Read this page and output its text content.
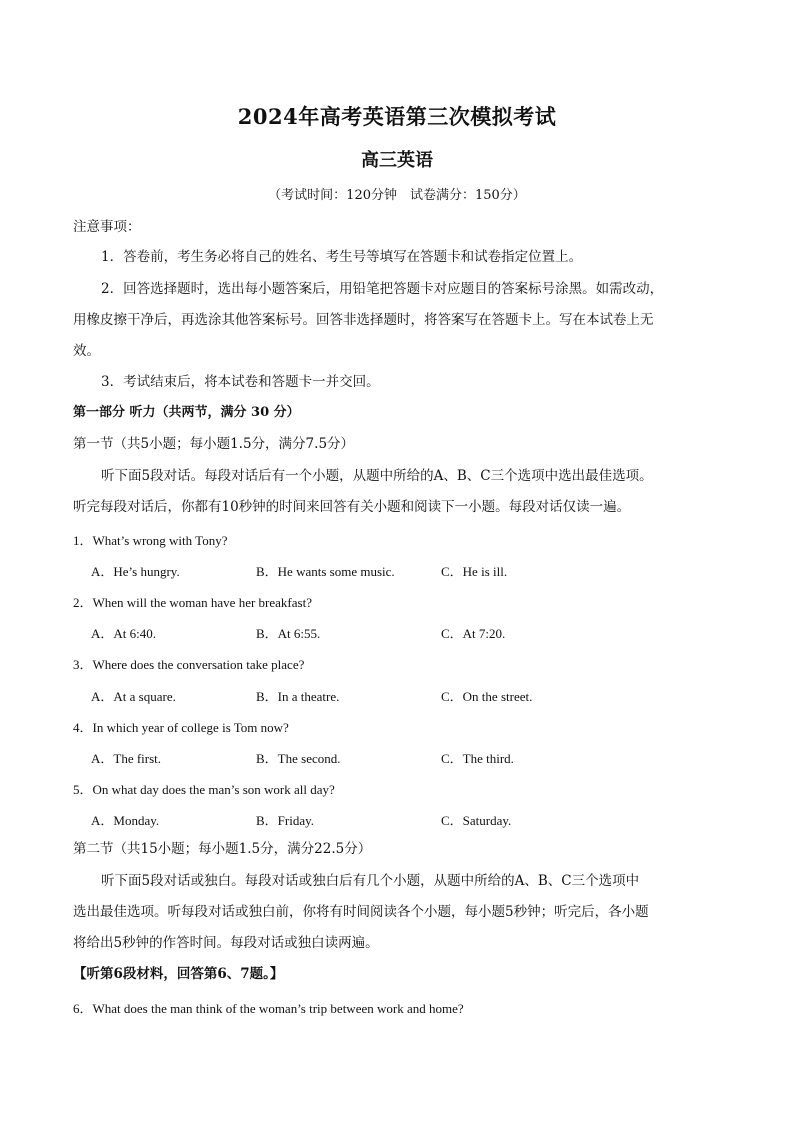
2024年高考英语第三次模拟考试
高三英语
（考试时间：120分钟　试卷满分：150分）
注意事项：
1．答卷前，考生务必将自己的姓名、考生号等填写在答题卡和试卷指定位置上。
2．回答选择题时，选出每小题答案后，用铅笔把答题卡对应题目的答案标号涂黑。如需改动，
用橡皮擦干净后，再选涂其他答案标号。回答非选择题时，将答案写在答题卡上。写在本试卷上无
效。
3．考试结束后，将本试卷和答题卡一并交回。
第一部分 听力（共两节，满分 30 分）
第一节（共5小题；每小题1.5分，满分7.5分）
听下面5段对话。每段对话后有一个小题，从题中所给的A、B、C三个选项中选出最佳选项。
听完每段对话后，你都有10秒钟的时间来回答有关小题和阅读下一小题。每段对话仅读一遍。
1．What’s wrong with Tony?
A．He’s hungry.	B．He wants some music.	C．He is ill.
2．When will the woman have her breakfast?
A．At 6:40.	B．At 6:55.	C．At 7:20.
3．Where does the conversation take place?
A．At a square.	B．In a theatre.	C．On the street.
4．In which year of college is Tom now?
A．The first.	B．The second.	C．The third.
5．On what day does the man’s son work all day?
A．Monday.	B．Friday.	C．Saturday.
第二节（共15小题；每小题1.5分，满分22.5分）
听下面5段对话或独白。每段对话或独白后有几个小题，从题中所给的A、B、C三个选项中
选出最佳选项。听每段对话或独白前，你将有时间阅读各个小题，每小题5秒钟；听完后，各小题
将给出5秒钟的作答时间。每段对话或独白读两遍。
【听第6段材料，回答第6、7题。】
6．What does the man think of the woman’s trip between work and home?
